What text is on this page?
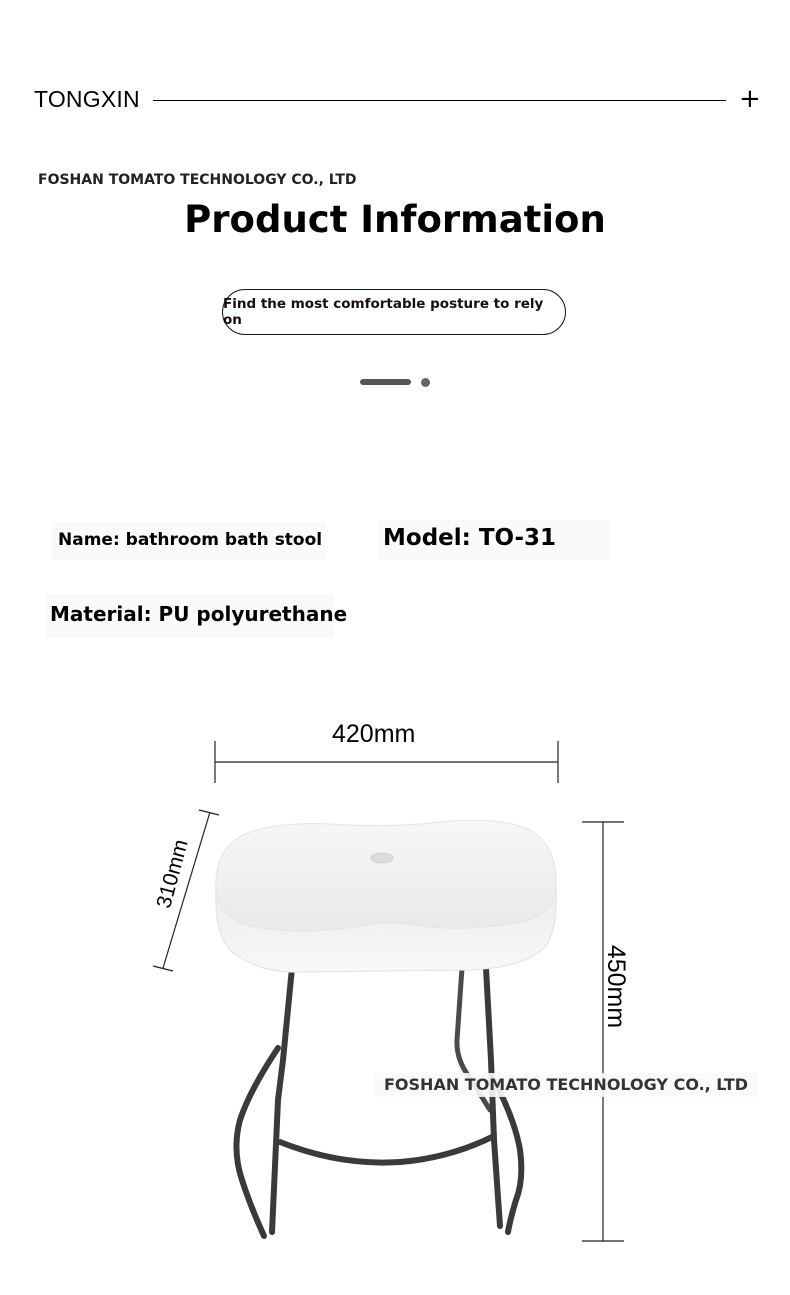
TONGXIN	+
FOSHAN TOMATO TECHNOLOGY CO., LTD
Product Information
Find the most comfortable posture to rely on
Name: bathroom bath stool	Model: TO-31
Material: PU polyurethane
420mm
310mm
450mm
FOSHAN TOMATO TECHNOLOGY CO., LTD
